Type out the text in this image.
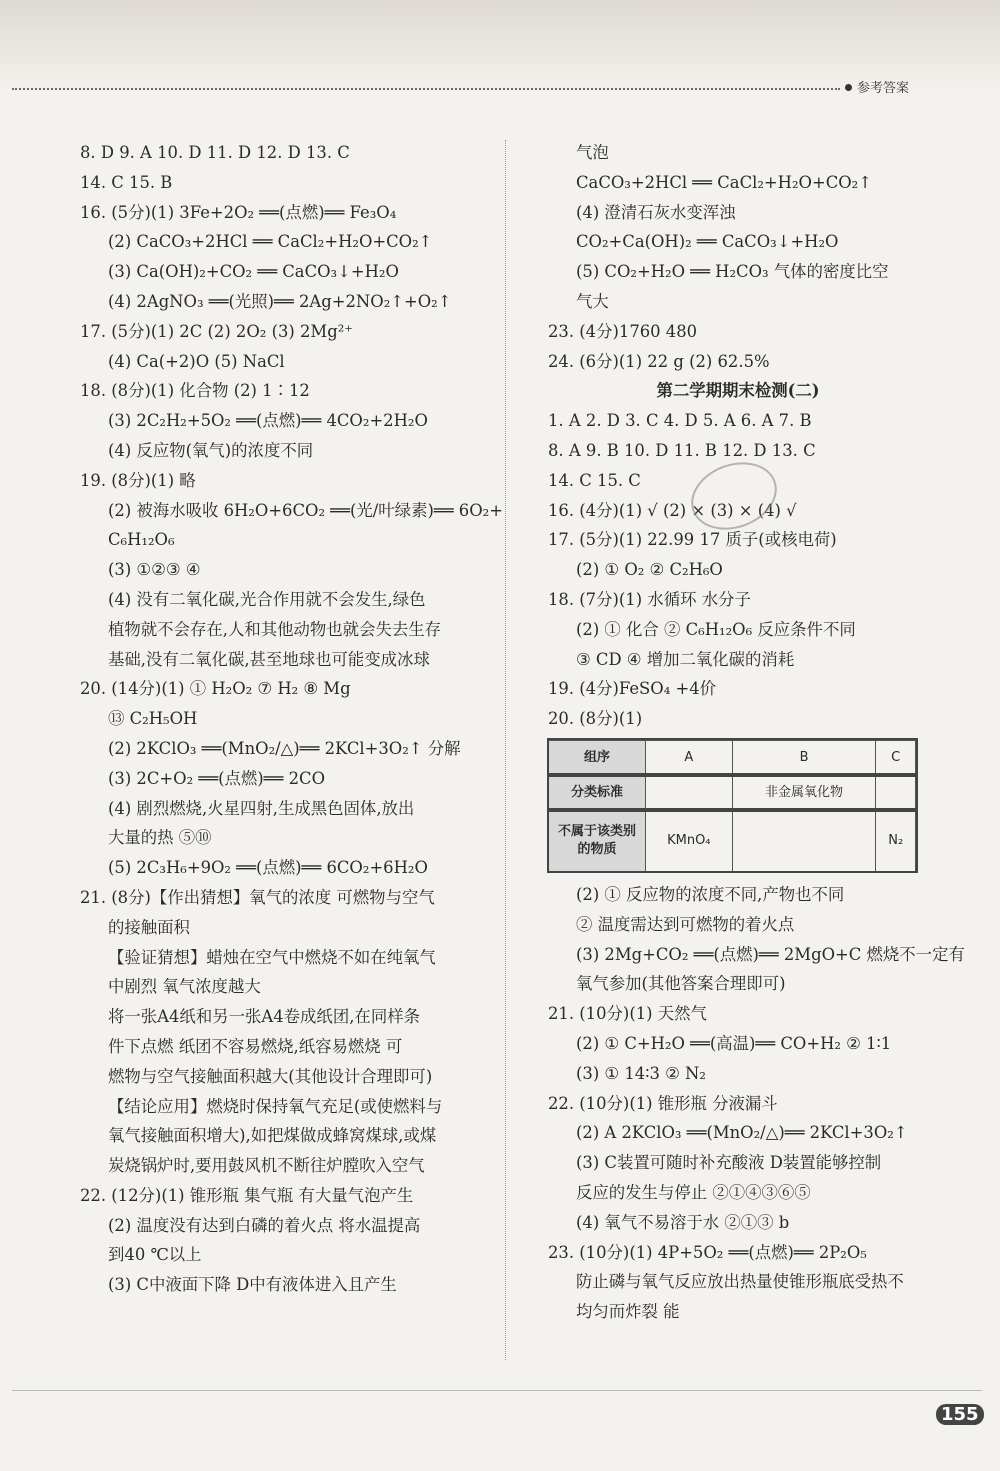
参考答案
8. D 9. A 10. D 11. D 12. D 13. C
14. C 15. B
16. (5分)(1) 3Fe+2O₂ ══(点燃)══ Fe₃O₄
(2) CaCO₃+2HCl ══ CaCl₂+H₂O+CO₂↑
(3) Ca(OH)₂+CO₂ ══ CaCO₃↓+H₂O
(4) 2AgNO₃ ══(光照)══ 2Ag+2NO₂↑+O₂↑
17. (5分)(1) 2C (2) 2O₂ (3) 2Mg²⁺
(4) Ca(+2)O (5) NaCl
18. (8分)(1) 化合物 (2) 1∶12
(3) 2C₂H₂+5O₂ ══(点燃)══ 4CO₂+2H₂O
(4) 反应物(氧气)的浓度不同
19. (8分)(1) 略
(2) 被海水吸收 6H₂O+6CO₂ ══(光/叶绿素)══ 6O₂+
C₆H₁₂O₆
(3) ①②③ ④
(4) 没有二氧化碳,光合作用就不会发生,绿色
植物就不会存在,人和其他动物也就会失去生存
基础,没有二氧化碳,甚至地球也可能变成冰球
20. (14分)(1) ① H₂O₂ ⑦ H₂ ⑧ Mg
⑬ C₂H₅OH
(2) 2KClO₃ ══(MnO₂/△)══ 2KCl+3O₂↑ 分解
(3) 2C+O₂ ══(点燃)══ 2CO
(4) 剧烈燃烧,火星四射,生成黑色固体,放出
大量的热 ⑤⑩
(5) 2C₃H₆+9O₂ ══(点燃)══ 6CO₂+6H₂O
21. (8分)【作出猜想】氧气的浓度 可燃物与空气
的接触面积
【验证猜想】蜡烛在空气中燃烧不如在纯氧气
中剧烈 氧气浓度越大
将一张A4纸和另一张A4卷成纸团,在同样条
件下点燃 纸团不容易燃烧,纸容易燃烧 可
燃物与空气接触面积越大(其他设计合理即可)
【结论应用】燃烧时保持氧气充足(或使燃料与
氧气接触面积增大),如把煤做成蜂窝煤球,或煤
炭烧锅炉时,要用鼓风机不断往炉膛吹入空气
22. (12分)(1) 锥形瓶 集气瓶 有大量气泡产生
(2) 温度没有达到白磷的着火点 将水温提高
到40 ℃以上
(3) C中液面下降 D中有液体进入且产生
气泡
CaCO₃+2HCl ══ CaCl₂+H₂O+CO₂↑
(4) 澄清石灰水变浑浊
CO₂+Ca(OH)₂ ══ CaCO₃↓+H₂O
(5) CO₂+H₂O ══ H₂CO₃ 气体的密度比空
气大
23. (4分)1760 480
24. (6分)(1) 22 g (2) 62.5%
第二学期期末检测(二)
1. A 2. D 3. C 4. D 5. A 6. A 7. B
8. A 9. B 10. D 11. B 12. D 13. C
14. C 15. C
16. (4分)(1) √ (2) × (3) × (4) √
17. (5分)(1) 22.99 17 质子(或核电荷)
(2) ① O₂ ② C₂H₆O
18. (7分)(1) 水循环 水分子
(2) ① 化合 ② C₆H₁₂O₆ 反应条件不同
③ CD ④ 增加二氧化碳的消耗
19. (4分)FeSO₄ +4价
20. (8分)(1)
组序	A	B	C
分类标准		非金属氧化物	
不属于该类别的物质	KMnO₄		N₂
(2) ① 反应物的浓度不同,产物也不同
② 温度需达到可燃物的着火点
(3) 2Mg+CO₂ ══(点燃)══ 2MgO+C 燃烧不一定有
氧气参加(其他答案合理即可)
21. (10分)(1) 天然气
(2) ① C+H₂O ══(高温)══ CO+H₂ ② 1∶1
(3) ① 14∶3 ② N₂
22. (10分)(1) 锥形瓶 分液漏斗
(2) A 2KClO₃ ══(MnO₂/△)══ 2KCl+3O₂↑
(3) C装置可随时补充酸液 D装置能够控制
反应的发生与停止 ②①④③⑥⑤
(4) 氧气不易溶于水 ②①③ b
23. (10分)(1) 4P+5O₂ ══(点燃)══ 2P₂O₅
防止磷与氧气反应放出热量使锥形瓶底受热不
均匀而炸裂 能
155
